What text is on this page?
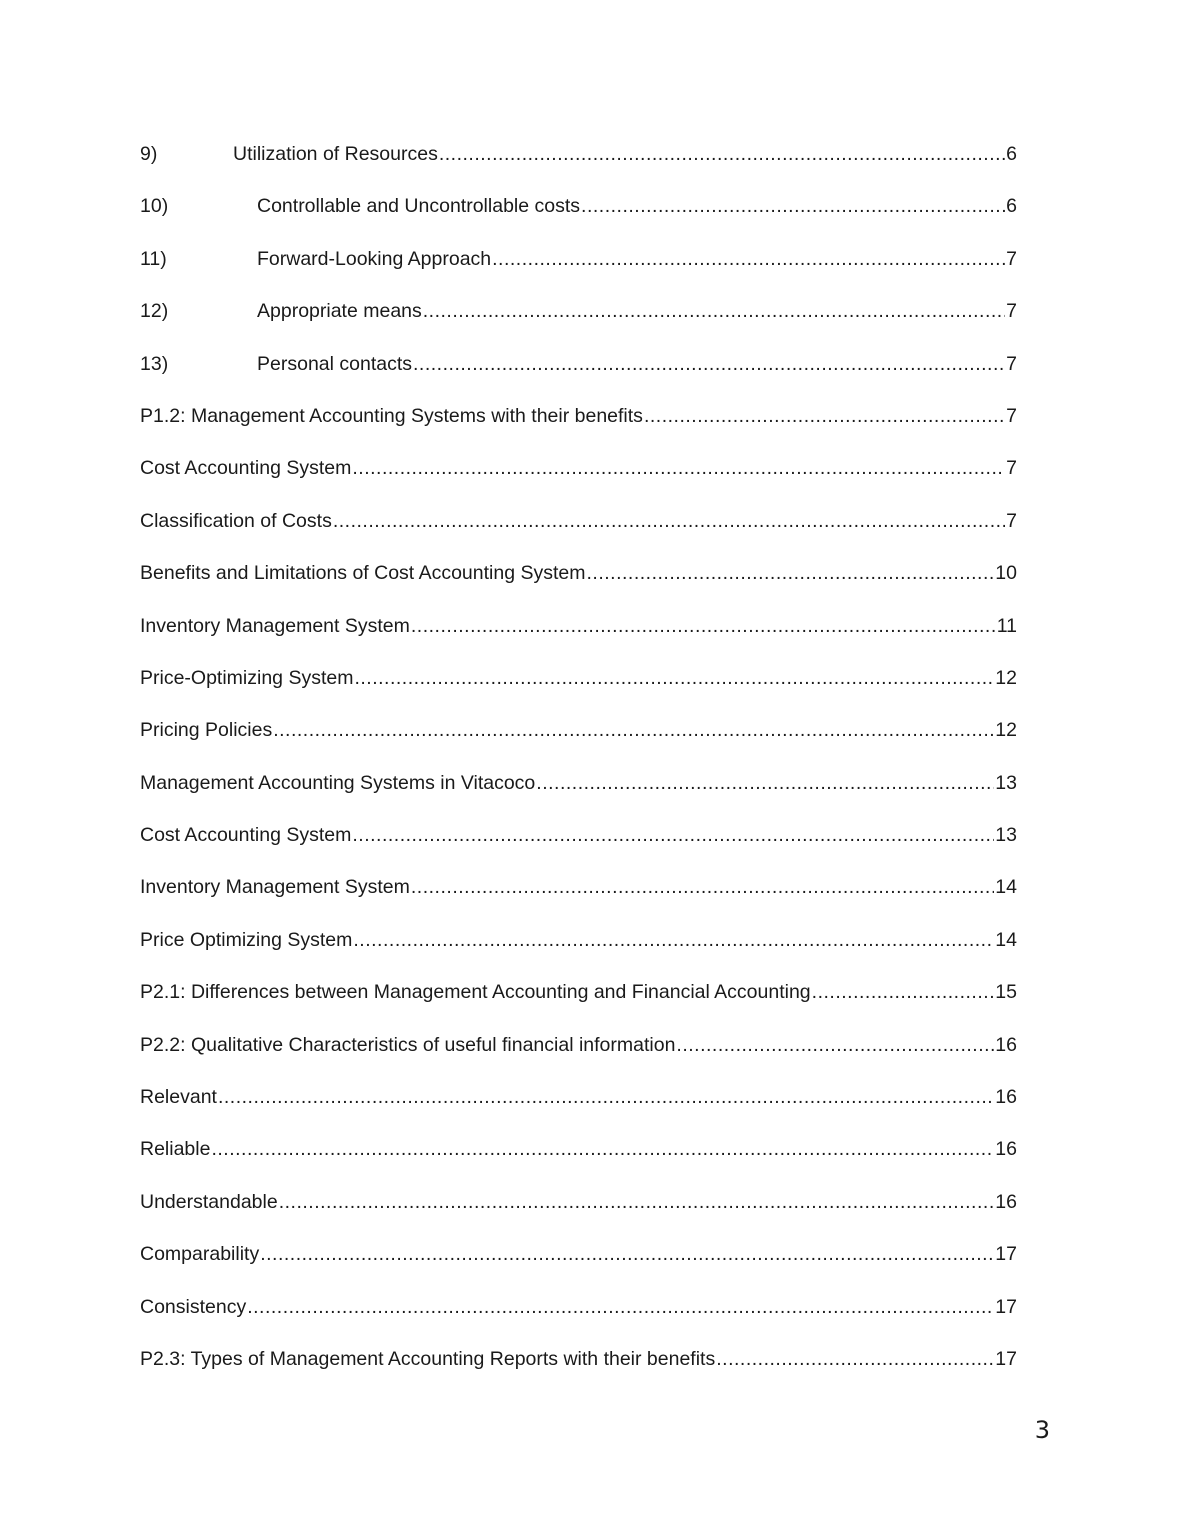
9)	Utilization of Resources .....	6
10)	Controllable and Uncontrollable costs .....	6
11)	Forward-Looking Approach .....	7
12)	Appropriate means .....	7
13)	Personal contacts .....	7
P1.2: Management Accounting Systems with their benefits .....	7
Cost Accounting System .....	7
Classification of Costs .....	7
Benefits and Limitations of Cost Accounting System .....	10
Inventory Management System .....	11
Price-Optimizing System .....	12
Pricing Policies .....	12
Management Accounting Systems in Vitacoco .....	13
Cost Accounting System .....	13
Inventory Management System .....	14
Price Optimizing System .....	14
P2.1: Differences between Management Accounting and Financial Accounting .....	15
P2.2: Qualitative Characteristics of useful financial information .....	16
Relevant .....	16
Reliable .....	16
Understandable .....	16
Comparability .....	17
Consistency .....	17
P2.3: Types of Management Accounting Reports with their benefits .....	17
3
